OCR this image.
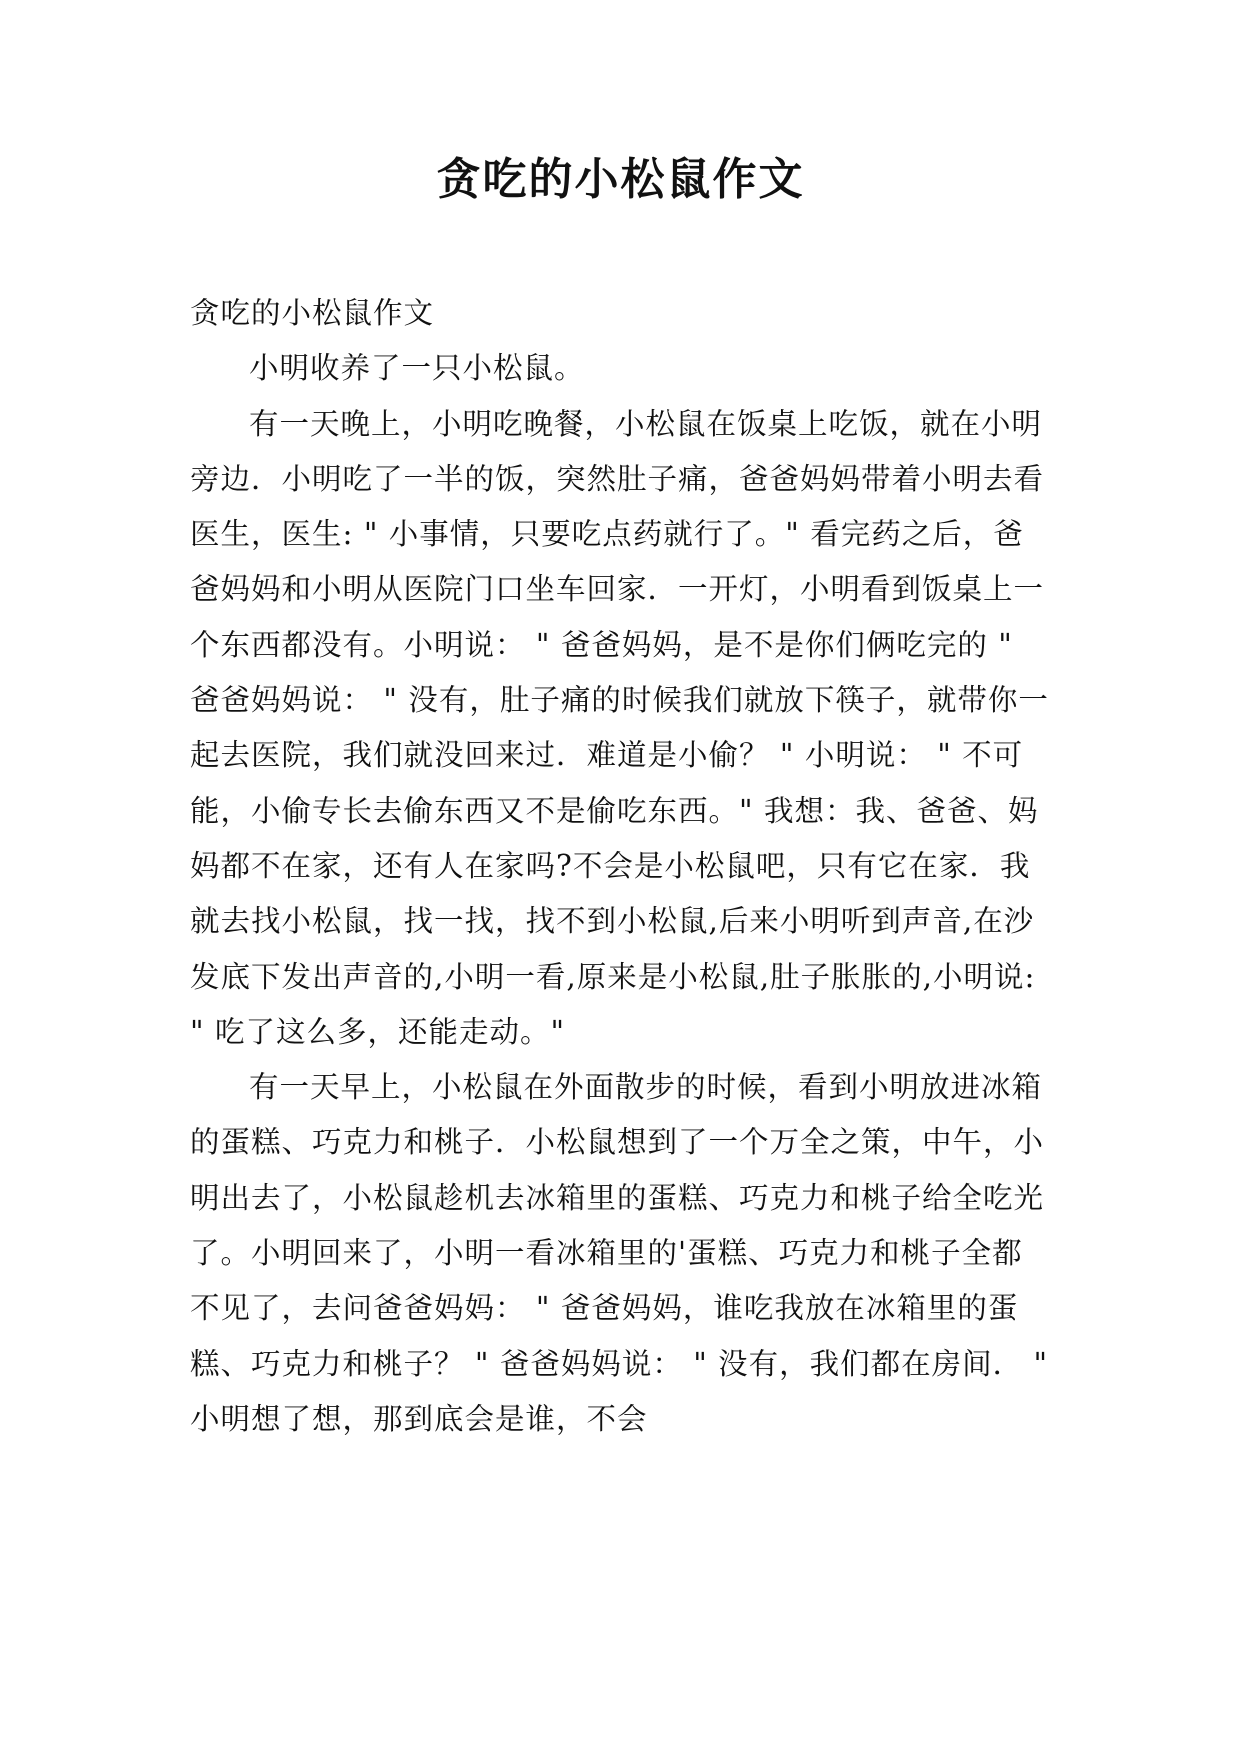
贪吃的小松鼠作文

贪吃的小松鼠作文

小明收养了一只小松鼠。

有一天晚上，小明吃晚餐，小松鼠在饭桌上吃饭，就在小明旁边．小明吃了一半的饭，突然肚子痛，爸爸妈妈带着小明去看医生，医生: " 小事情，只要吃点药就行了。" 看完药之后，爸爸妈妈和小明从医院门口坐车回家．一开灯，小明看到饭桌上一个东西都没有。小明说： " 爸爸妈妈，是不是你们俩吃完的 " 爸爸妈妈说： " 没有，肚子痛的时候我们就放下筷子，就带你一起去医院，我们就没回来过．难道是小偷？ " 小明说： " 不可能，小偷专长去偷东西又不是偷吃东西。" 我想：我、爸爸、妈妈都不在家，还有人在家吗?不会是小松鼠吧，只有它在家．我就去找小松鼠，找一找，找不到小松鼠,后来小明听到声音,在沙发底下发出声音的,小明一看,原来是小松鼠,肚子胀胀的,小明说: " 吃了这么多，还能走动。"

有一天早上，小松鼠在外面散步的时候，看到小明放进冰箱的蛋糕、巧克力和桃子．小松鼠想到了一个万全之策，中午，小明出去了，小松鼠趁机去冰箱里的蛋糕、巧克力和桃子给全吃光了。小明回来了，小明一看冰箱里的'蛋糕、巧克力和桃子全都不见了，去问爸爸妈妈： " 爸爸妈妈，谁吃我放在冰箱里的蛋糕、巧克力和桃子？ " 爸爸妈妈说： " 没有，我们都在房间． " 小明想了想，那到底会是谁，不会
